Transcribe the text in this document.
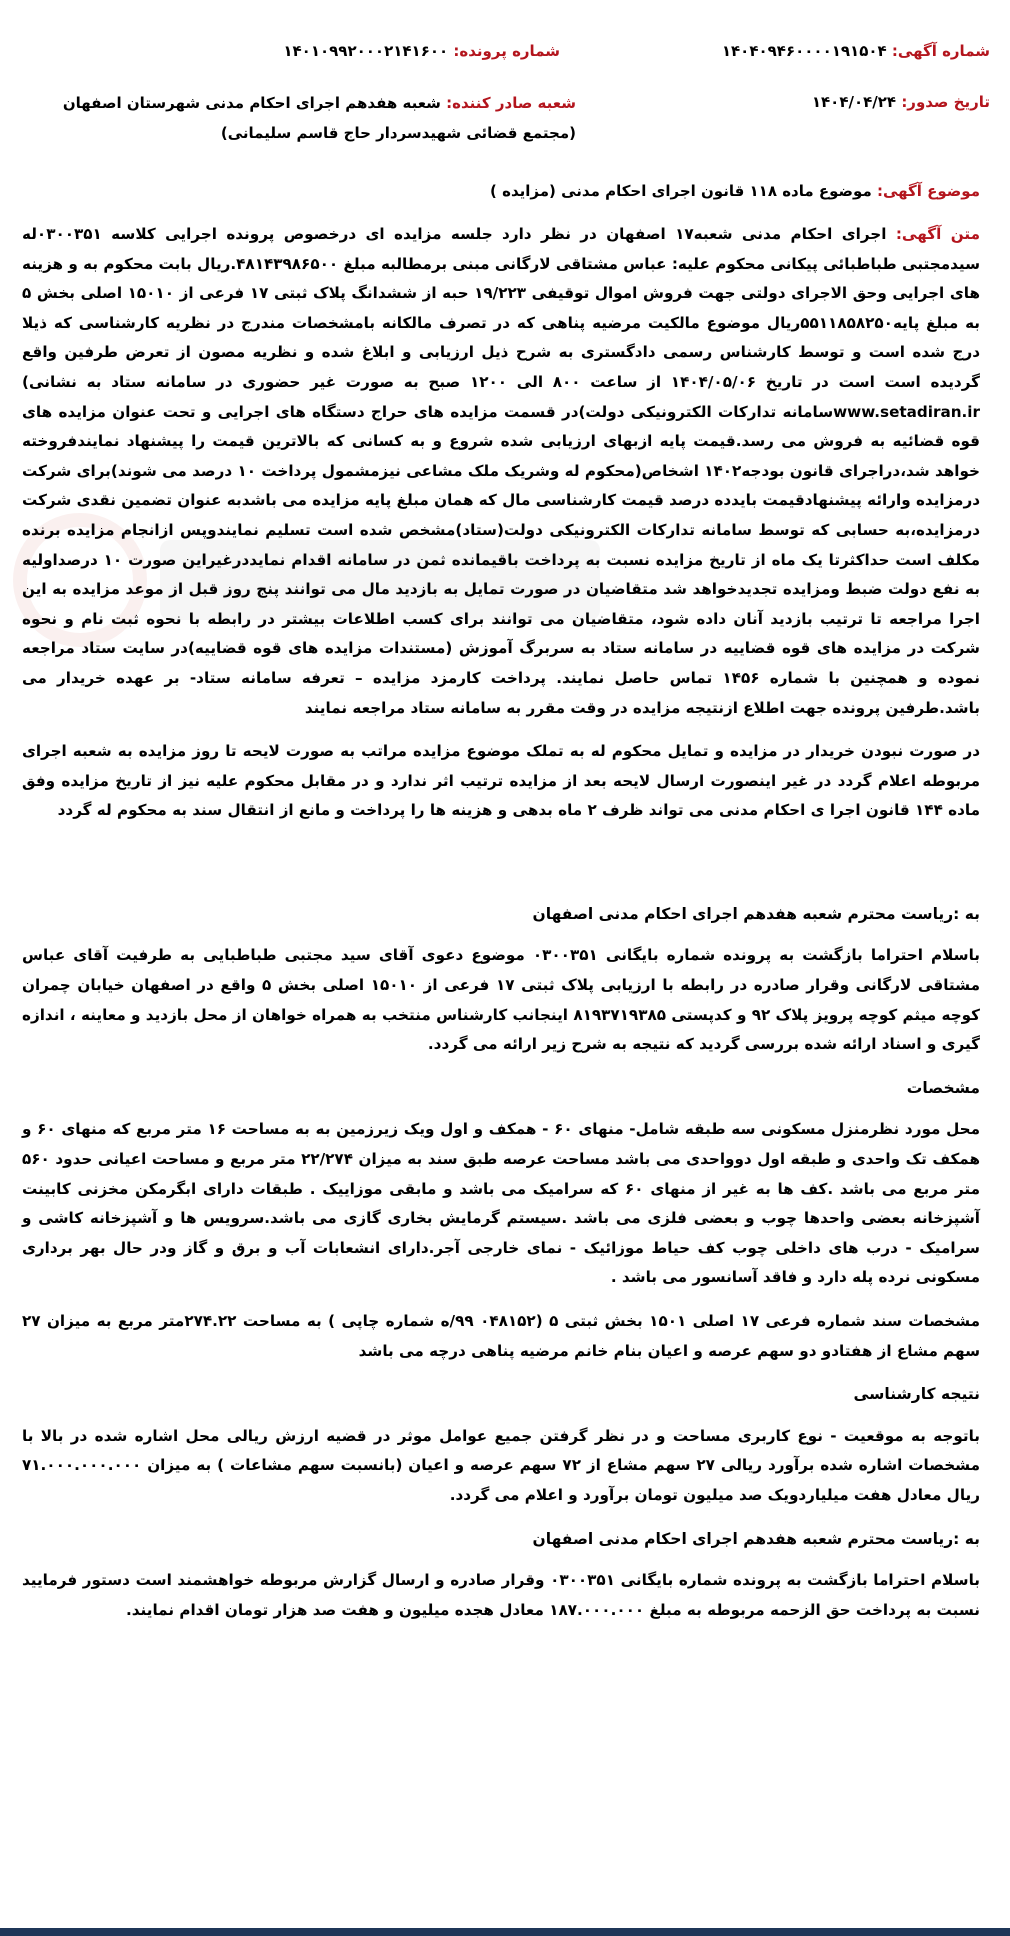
شماره آگهی: ۱۴۰۴۰۹۴۶۰۰۰۰۱۹۱۵۰۴
شماره پرونده: ۱۴۰۱۰۹۹۲۰۰۰۲۱۴۱۶۰۰
تاریخ صدور: ۱۴۰۴/۰۴/۲۴
شعبه صادر کننده: شعبه هفدهم اجرای احکام مدنی شهرستان اصفهان (مجتمع قضائی شهیدسردار حاج قاسم سلیمانی)
موضوع آگهی: موضوع ماده ۱۱۸ قانون اجرای احکام مدنی (مزایده )

متن آگهی: اجرای احکام مدنی شعبه۱۷ اصفهان در نظر دارد جلسه مزایده ای درخصوص پرونده اجرایی کلاسه ۰۳۰۰۳۵۱له سیدمجتبی طباطبائی پیکانی محکوم علیه: عباس مشتاقی لارگانی مبنی برمطالبه مبلغ ۴۸۱۴۳۹۸۶۵۰۰.ریال بابت محکوم به و هزینه های اجرایی وحق الاجرای دولتی جهت فروش اموال توقیفی ۱۹/۲۲۳ حبه از ششدانگ پلاک ثبتی ۱۷ فرعی از ۱۵۰۱۰ اصلی بخش ۵ به مبلغ پایه۵۵۱۱۸۵۸۲۵۰ریال موضوع مالکیت مرضیه پناهی که در تصرف مالکانه بامشخصات مندرج در نظریه کارشناسی که ذیلا درج شده است و توسط کارشناس رسمی دادگستری به شرح ذیل ارزیابی و ابلاغ شده و نظریه مصون از تعرض طرفین واقع گردیده است است در تاریخ ۱۴۰۴/۰۵/۰۶ از ساعت ۸۰۰ الی ۱۲۰۰ صبح به صورت غیر حضوری در سامانه ستاد به نشانی) www.setadiran.irسامانه تدارکات الکترونیکی دولت)در قسمت مزایده های حراج دستگاه های اجرایی و تحت عنوان مزایده های قوه قضائیه به فروش می رسد.قیمت پایه ازبهای ارزیابی شده شروع و به کسانی که بالاترین قیمت را پیشنهاد نمایندفروخته خواهد شد،دراجرای قانون بودجه۱۴۰۲ اشخاص(محکوم له وشریک ملک مشاعی نیزمشمول پرداخت ۱۰ درصد می شوند)برای شرکت درمزایده وارائه پیشنهادقیمت بایدده درصد قیمت کارشناسی مال که همان مبلغ پایه مزایده می باشدبه عنوان تضمین نقدی شرکت درمزایده،به حسابی که توسط سامانه تدارکات الکترونیکی دولت(ستاد)مشخص شده است تسلیم نمایندوپس ازانجام مزایده برنده مکلف است حداکثرتا یک ماه از تاریخ مزایده نسبت به پرداخت باقیمانده ثمن در سامانه اقدام نمایددرغیراین صورت ۱۰ درصداولیه به نفع دولت ضبط ومزایده تجدیدخواهد شد متقاضیان در صورت تمایل به بازدید مال می توانند پنج روز قبل از موعد مزایده به این اجرا مراجعه تا ترتیب بازدید آنان داده شود، متقاضیان می توانند برای کسب اطلاعات بیشتر در رابطه با نحوه ثبت نام و نحوه شرکت در مزایده های قوه قضاییه در سامانه ستاد به سربرگ آموزش (مستندات مزایده های قوه قضاییه)در سایت ستاد مراجعه نموده و همچنین با شماره ۱۴۵۶ تماس حاصل نمایند. پرداخت کارمزد مزایده – تعرفه سامانه ستاد- بر عهده خریدار می باشد.طرفین پرونده جهت اطلاع ازنتیجه مزایده در وقت مقرر به سامانه ستاد مراجعه نمایند

در صورت نبودن خریدار در مزایده و تمایل محکوم له به تملک موضوع مزایده مراتب به صورت لایحه تا روز مزایده به شعبه اجرای مربوطه اعلام گردد در غیر اینصورت ارسال لایحه بعد از مزایده ترتیب اثر ندارد و در مقابل محکوم علیه نیز از تاریخ مزایده وفق ماده ۱۴۴ قانون اجرا ی احکام مدنی می تواند ظرف ۲ ماه بدهی و هزینه ها را پرداخت و مانع از انتقال سند به محکوم له گردد

به :ریاست محترم شعبه هفدهم اجرای احکام مدنی اصفهان

باسلام احتراما بازگشت به پرونده شماره بایگانی ۰۳۰۰۳۵۱ موضوع دعوی آقای سید مجتبی طباطبایی به طرفیت آقای عباس مشتاقی لارگانی وقرار صادره در رابطه با ارزیابی پلاک ثبتی ۱۷ فرعی از ۱۵۰۱۰ اصلی بخش ۵ واقع در اصفهان خیابان چمران کوچه میثم کوچه پرویز پلاک ۹۲ و کدپستی ۸۱۹۳۷۱۹۳۸۵ اینجانب کارشناس منتخب به همراه خواهان از محل بازدید و معاینه ، اندازه گیری و اسناد ارائه شده بررسی گردید که نتیجه به شرح زیر ارائه می گردد.

مشخصات

محل مورد نظرمنزل مسکونی سه طبقه شامل- منهای ۶۰ - همکف و اول ویک زیرزمین به به مساحت ۱۶ متر مربع که منهای ۶۰ و همکف تک واحدی و طبقه اول دوواحدی می باشد مساحت عرصه طبق سند به میزان ۲۲/۲۷۴ متر مربع و مساحت اعیانی حدود ۵۶۰ متر مربع می باشد .کف ها به غیر از منهای ۶۰ که سرامیک می باشد و مابقی موزاییک . طبقات دارای ابگرمکن مخزنی کابینت آشپزخانه بعضی واحدها چوب و بعضی فلزی می باشد .سیستم گرمایش بخاری گازی می باشد.سرویس ها و آشپزخانه کاشی و سرامیک - درب های داخلی چوب کف حیاط موزائیک - نمای خارجی آجر.دارای انشعابات آب و برق و گاز ودر حال بهر برداری مسکونی نرده پله دارد و فاقد آسانسور می باشد .

مشخصات سند شماره فرعی ۱۷ اصلی ۱۵۰۱ بخش ثبتی ۵ (۰۴۸۱۵۲ ۹۹/ه شماره چاپی ) به مساحت ۲۷۴.۲۲متر مربع به میزان ۲۷ سهم مشاع از هفتادو دو سهم عرصه و اعیان بنام خانم مرضیه پناهی درچه می باشد

نتیجه کارشناسی

باتوجه به موقعیت - نوع کاربری مساحت و در نظر گرفتن جمیع عوامل موثر در قضیه ارزش ریالی محل اشاره شده در بالا با مشخصات اشاره شده برآورد ریالی ۲۷ سهم مشاع از ۷۲ سهم عرصه و اعیان (بانسبت سهم مشاعات ) به میزان ۷۱.۰۰۰.۰۰۰.۰۰۰ ریال معادل هفت میلیاردویک صد میلیون تومان برآورد و اعلام می گردد.

به :ریاست محترم شعبه هفدهم اجرای احکام مدنی اصفهان

باسلام احتراما بازگشت به پرونده شماره بایگانی ۰۳۰۰۳۵۱ وقرار صادره و ارسال گزارش مربوطه خواهشمند است دستور فرمایید نسبت به پرداخت حق الزحمه مربوطه به مبلغ ۱۸۷.۰۰۰.۰۰۰ معادل هجده میلیون و هفت صد هزار تومان اقدام نمایند.
